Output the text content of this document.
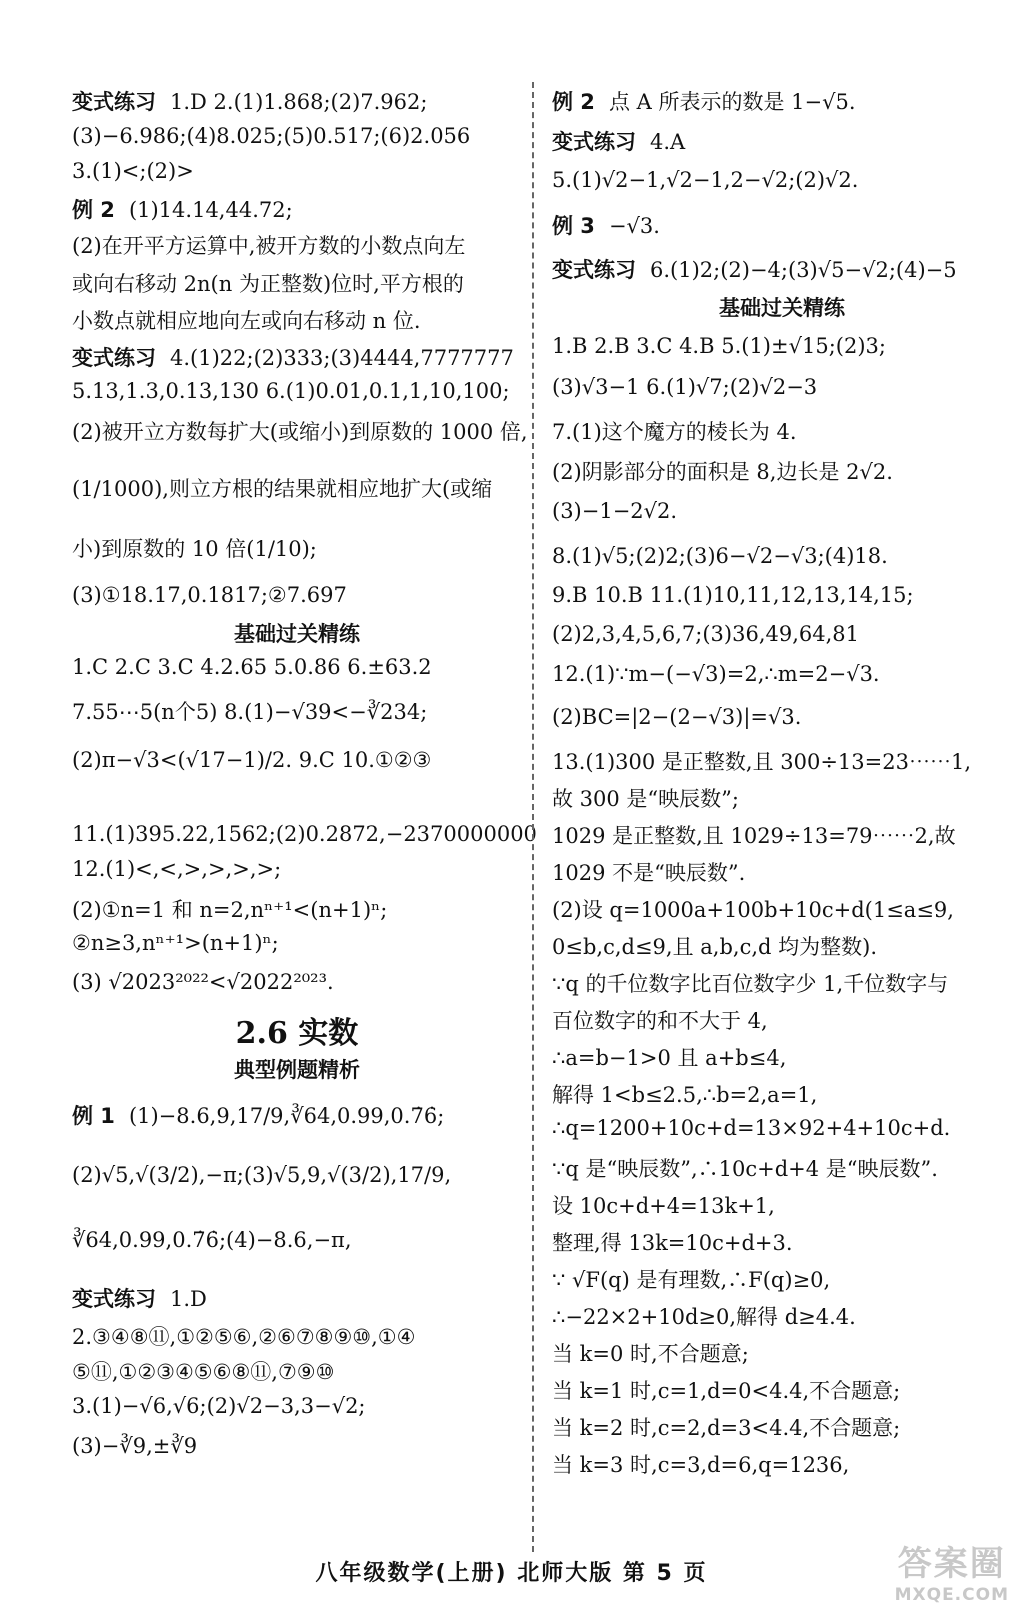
变式练习 1.D 2.(1)1.868;(2)7.962;
(3)−6.986;(4)8.025;(5)0.517;(6)2.056
3.(1)<;(2)>
例 2 (1)14.14,44.72;
(2)在开平方运算中,被开方数的小数点向左
或向右移动 2n(n 为正整数)位时,平方根的
小数点就相应地向左或向右移动 n 位.
变式练习 4.(1)22;(2)333;(3)4444,7777777
5.13,1.3,0.13,130 6.(1)0.01,0.1,1,10,100;
(2)被开立方数每扩大(或缩小)到原数的 1000 倍,
(1/1000),则立方根的结果就相应地扩大(或缩
小)到原数的 10 倍(1/10);
(3)①18.17,0.1817;②7.697
基础过关精练
1.C 2.C 3.C 4.2.65 5.0.86 6.±63.2
7.55⋯5(n个5) 8.(1)−√39<−∛234;
(2)π−√3<(√17−1)/2. 9.C 10.①②③
11.(1)395.22,1562;(2)0.2872,−2370000000
12.(1)<,<,>,>,>,>;
(2)①n=1 和 n=2,nⁿ⁺¹<(n+1)ⁿ;
②n≥3,nⁿ⁺¹>(n+1)ⁿ;
(3) √2023²⁰²²<√2022²⁰²³.
2.6 实数
典型例题精析
例 1 (1)−8.6,9,17/9,∛64,0.99,0.7̇6̇;
(2)√5,√(3/2),−π;(3)√5,9,√(3/2),17/9,
∛64,0.99,0.7̇6̇;(4)−8.6,−π,
变式练习 1.D
2.③④⑧⑪,①②⑤⑥,②⑥⑦⑧⑨⑩,①④
⑤⑪,①②③④⑤⑥⑧⑪,⑦⑨⑩
3.(1)−√6,√6;(2)√2−3,3−√2;
(3)−∛9,±∛9
例 2 点 A 所表示的数是 1−√5.
变式练习 4.A
5.(1)√2−1,√2−1,2−√2;(2)√2.
例 3 −√3.
变式练习 6.(1)2;(2)−4;(3)√5−√2;(4)−5
基础过关精练
1.B 2.B 3.C 4.B 5.(1)±√15;(2)3;
(3)√3−1 6.(1)√7;(2)√2−3
7.(1)这个魔方的棱长为 4.
(2)阴影部分的面积是 8,边长是 2√2.
(3)−1−2√2.
8.(1)√5;(2)2;(3)6−√2−√3;(4)18.
9.B 10.B 11.(1)10,11,12,13,14,15;
(2)2,3,4,5,6,7;(3)36,49,64,81
12.(1)∵m−(−√3)=2,∴m=2−√3.
(2)BC=|2−(2−√3)|=√3.
13.(1)300 是正整数,且 300÷13=23⋯⋯1,
故 300 是“映辰数”;
1029 是正整数,且 1029÷13=79⋯⋯2,故
1029 不是“映辰数”.
(2)设 q=1000a+100b+10c+d(1≤a≤9,
0≤b,c,d≤9,且 a,b,c,d 均为整数).
∵q 的千位数字比百位数字少 1,千位数字与
百位数字的和不大于 4,
∴a=b−1>0 且 a+b≤4,
解得 1<b≤2.5,∴b=2,a=1,
∴q=1200+10c+d=13×92+4+10c+d.
∵q 是“映辰数”,∴10c+d+4 是“映辰数”.
设 10c+d+4=13k+1,
整理,得 13k=10c+d+3.
∵ √F(q) 是有理数,∴F(q)≥0,
∴−22×2+10d≥0,解得 d≥4.4.
当 k=0 时,不合题意;
当 k=1 时,c=1,d=0<4.4,不合题意;
当 k=2 时,c=2,d=3<4.4,不合题意;
当 k=3 时,c=3,d=6,q=1236,
八年级数学(上册) 北师大版 第 5 页	答案圈
MXQE.COM
